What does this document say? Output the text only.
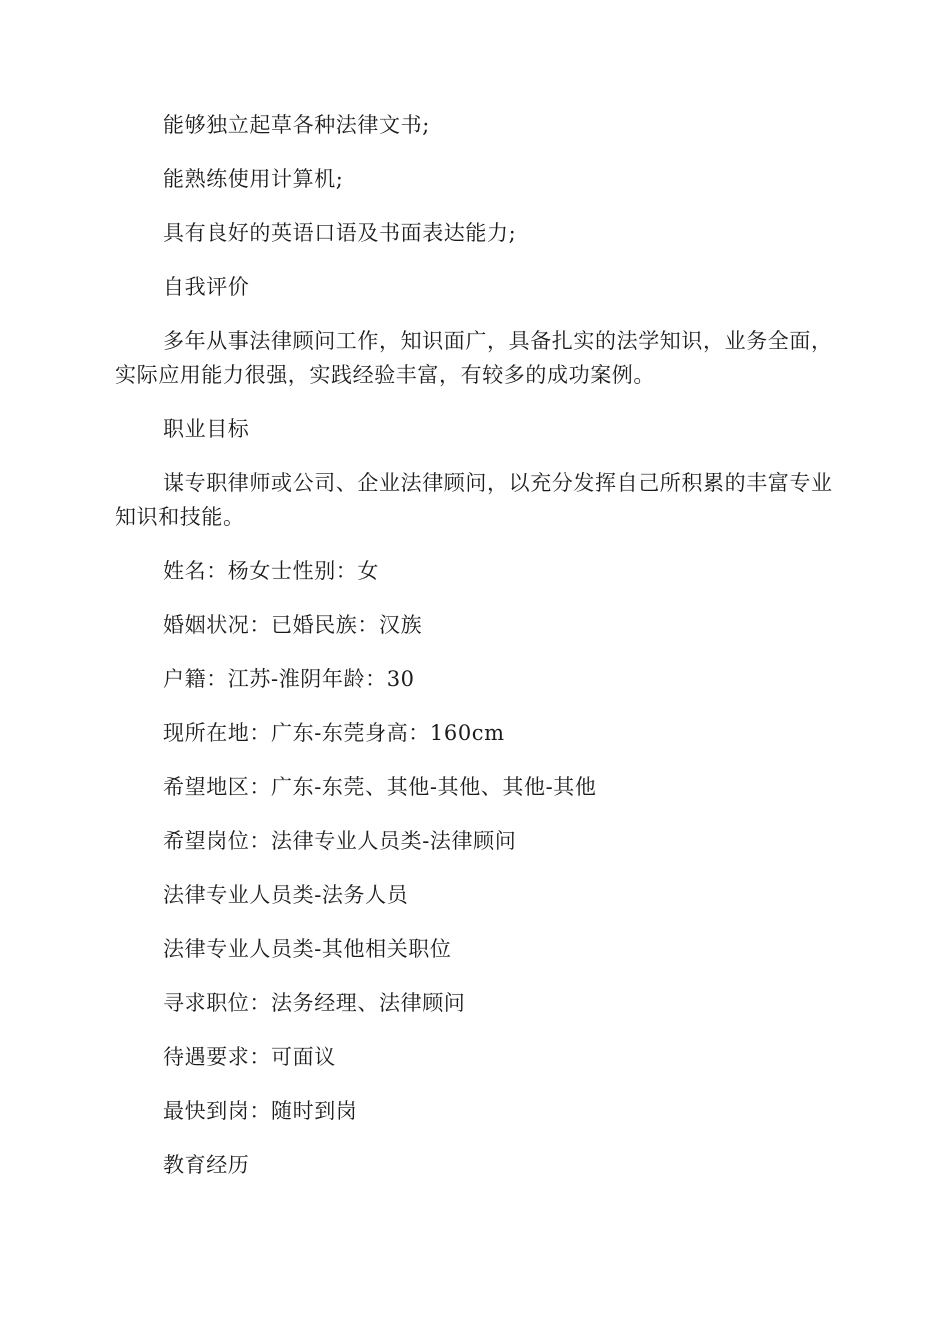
能够独立起草各种法律文书;

能熟练使用计算机;

具有良好的英语口语及书面表达能力;

自我评价

多年从事法律顾问工作，知识面广，具备扎实的法学知识，业务全面，实际应用能力很强，实践经验丰富，有较多的成功案例。

职业目标

谋专职律师或公司、企业法律顾问，以充分发挥自己所积累的丰富专业知识和技能。

姓名：杨女士性别：女

婚姻状况：已婚民族：汉族

户籍：江苏-淮阴年龄：30

现所在地：广东-东莞身高：160cm

希望地区：广东-东莞、其他-其他、其他-其他

希望岗位：法律专业人员类-法律顾问

法律专业人员类-法务人员

法律专业人员类-其他相关职位

寻求职位：法务经理、法律顾问

待遇要求：可面议

最快到岗：随时到岗

教育经历
